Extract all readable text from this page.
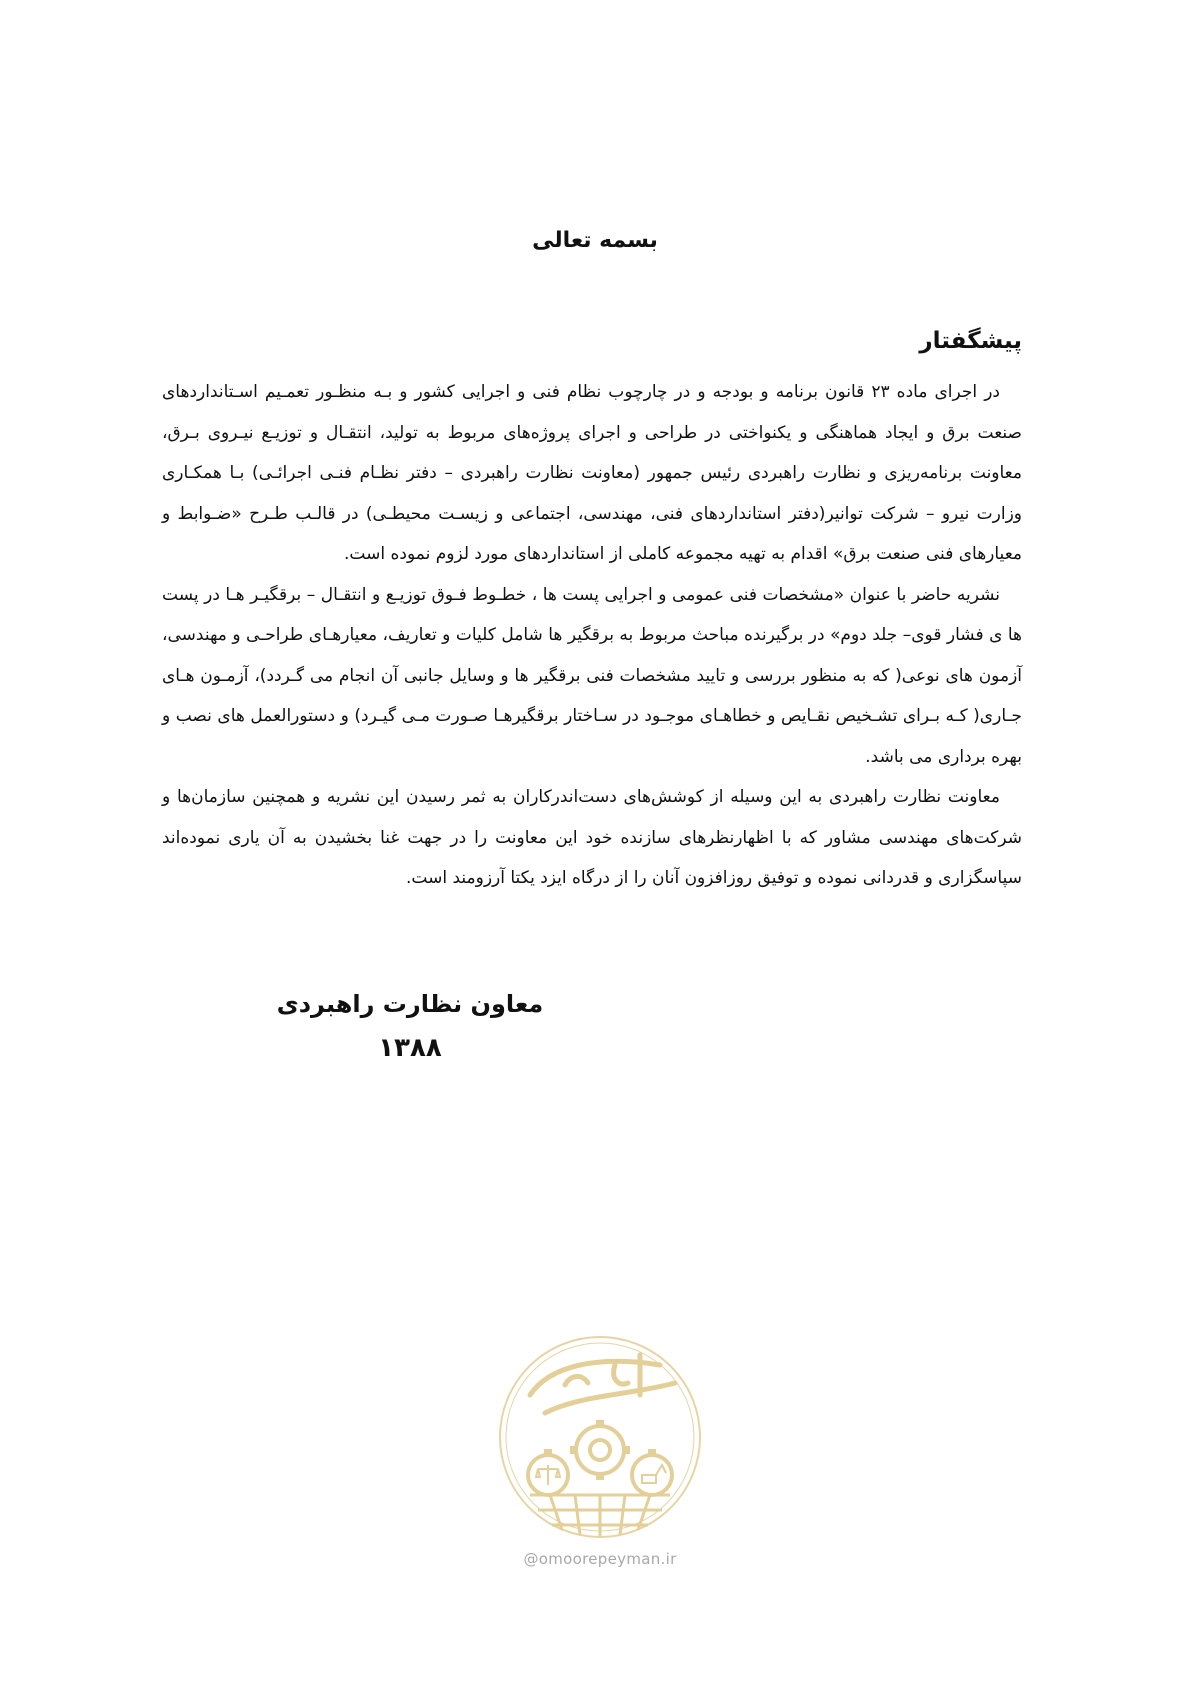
بسمه تعالی
پیشگفتار

در اجرای ماده ۲۳ قانون برنامه و بودجه و در چارچوب نظام فنی و اجرایی کشور و بـه منظـور تعمـیم اسـتانداردهای صنعت برق و ایجاد هماهنگی و یکنواختی در طراحی و اجرای پروژه‌های مربوط به تولید، انتقـال و توزیـع نیـروی بـرق، معاونت برنامه‌ریزی و نظارت راهبردی رئیس جمهور (معاونت نظارت راهبردی – دفتر نظـام فنـی اجرائـی) بـا همکـاری وزارت نیرو – شرکت توانیر(دفتر استانداردهای فنی، مهندسی، اجتماعی و زیسـت محیطـی) در قالـب طـرح «ضـوابط و معیارهای فنی صنعت برق» اقدام به تهیه مجموعه کاملی از استانداردهای مورد لزوم نموده است.

نشریه حاضر با عنوان «مشخصات فنی عمومی و اجرایی پست ها ، خطـوط فـوق توزیـع و انتقـال – برقگیـر هـا در پست ها ی فشار قوی– جلد دوم» در برگیرنده مباحث مربوط به برقگیر ها شامل کلیات و تعاریف، معیارهـای طراحـی و مهندسی، آزمون های نوعی( که به منظور بررسی و تایید مشخصات فنی برقگیر ها و وسایل جانبی آن انجام می گـردد)، آزمـون هـای جـاری( کـه بـرای تشـخیص نقـایص و خطاهـای موجـود در سـاختار برقگیرهـا صـورت مـی گیـرد) و دستورالعمل های نصب و بهره برداری می باشد.

معاونت نظارت راهبردی به این وسیله از کوشش‌های دست‌اندرکاران به ثمر رسیدن این نشریه و همچنین سازمان‌ها و شرکت‌های مهندسی مشاور که با اظهارنظرهای سازنده خود این معاونت را در جهت غنا بخشیدن به آن یاری نموده‌اند سپاسگزاری و قدردانی نموده و توفیق روزافزون آنان را از درگاه ایزد یکتا آرزومند است.

معاون نظارت راهبردی
۱۳۸۸
@omoorepeyman.ir
